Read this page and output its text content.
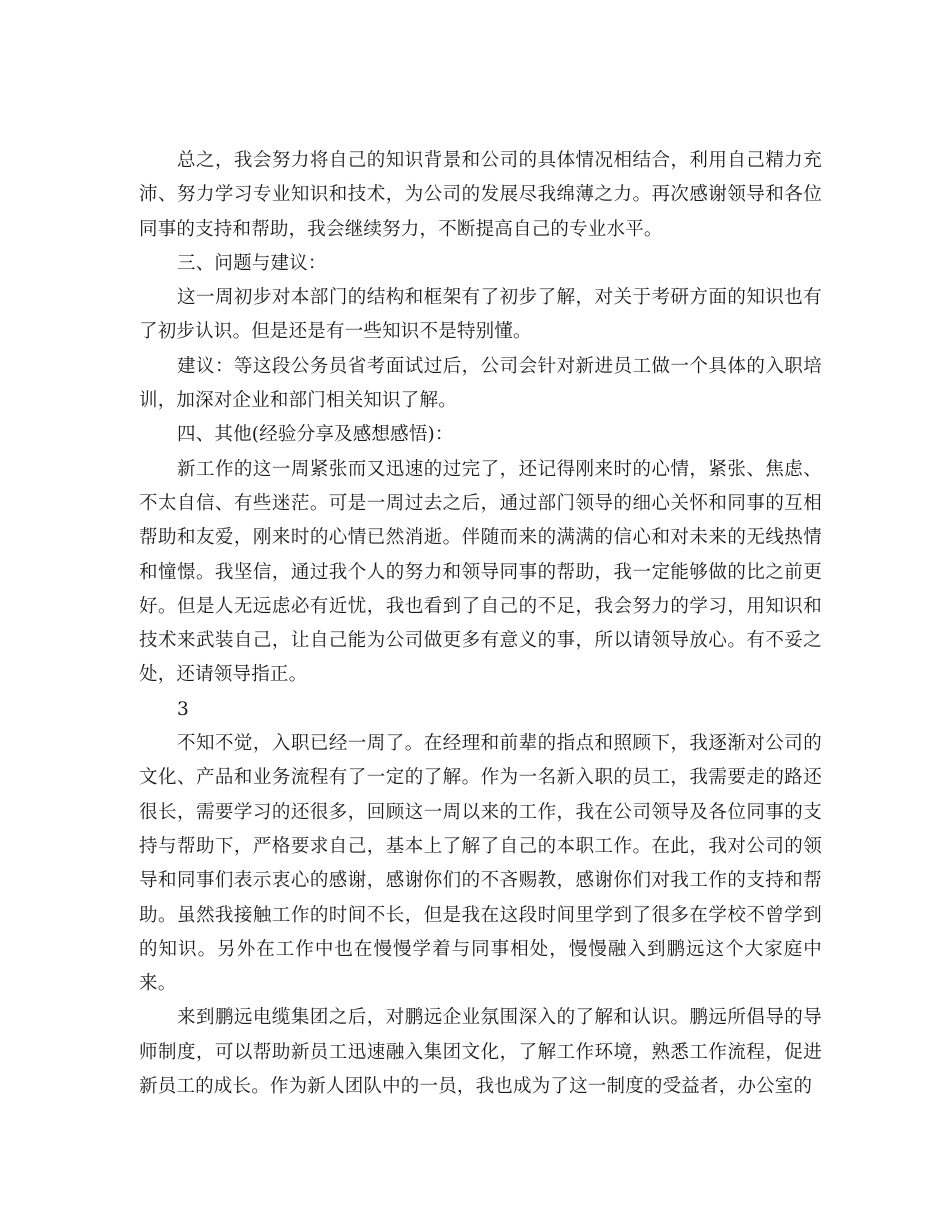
总之，我会努力将自己的知识背景和公司的具体情况相结合，利用自己精力充沛、努力学习专业知识和技术，为公司的发展尽我绵薄之力。再次感谢领导和各位同事的支持和帮助，我会继续努力，不断提高自己的专业水平。

三、问题与建议：

这一周初步对本部门的结构和框架有了初步了解，对关于考研方面的知识也有了初步认识。但是还是有一些知识不是特别懂。

建议：等这段公务员省考面试过后，公司会针对新进员工做一个具体的入职培训，加深对企业和部门相关知识了解。

四、其他(经验分享及感想感悟)：

新工作的这一周紧张而又迅速的过完了，还记得刚来时的心情，紧张、焦虑、不太自信、有些迷茫。可是一周过去之后，通过部门领导的细心关怀和同事的互相帮助和友爱，刚来时的心情已然消逝。伴随而来的满满的信心和对未来的无线热情和憧憬。我坚信，通过我个人的努力和领导同事的帮助，我一定能够做的比之前更好。但是人无远虑必有近忧，我也看到了自己的不足，我会努力的学习，用知识和技术来武装自己，让自己能为公司做更多有意义的事，所以请领导放心。有不妥之处，还请领导指正。

3

不知不觉，入职已经一周了。在经理和前辈的指点和照顾下，我逐渐对公司的文化、产品和业务流程有了一定的了解。作为一名新入职的员工，我需要走的路还很长，需要学习的还很多，回顾这一周以来的工作，我在公司领导及各位同事的支持与帮助下，严格要求自己，基本上了解了自己的本职工作。在此，我对公司的领导和同事们表示衷心的感谢，感谢你们的不吝赐教，感谢你们对我工作的支持和帮助。虽然我接触工作的时间不长，但是我在这段时间里学到了很多在学校不曾学到的知识。另外在工作中也在慢慢学着与同事相处，慢慢融入到鹏远这个大家庭中来。

来到鹏远电缆集团之后，对鹏远企业氛围深入的了解和认识。鹏远所倡导的导师制度，可以帮助新员工迅速融入集团文化，了解工作环境，熟悉工作流程，促进新员工的成长。作为新人团队中的一员，我也成为了这一制度的受益者，办公室的
